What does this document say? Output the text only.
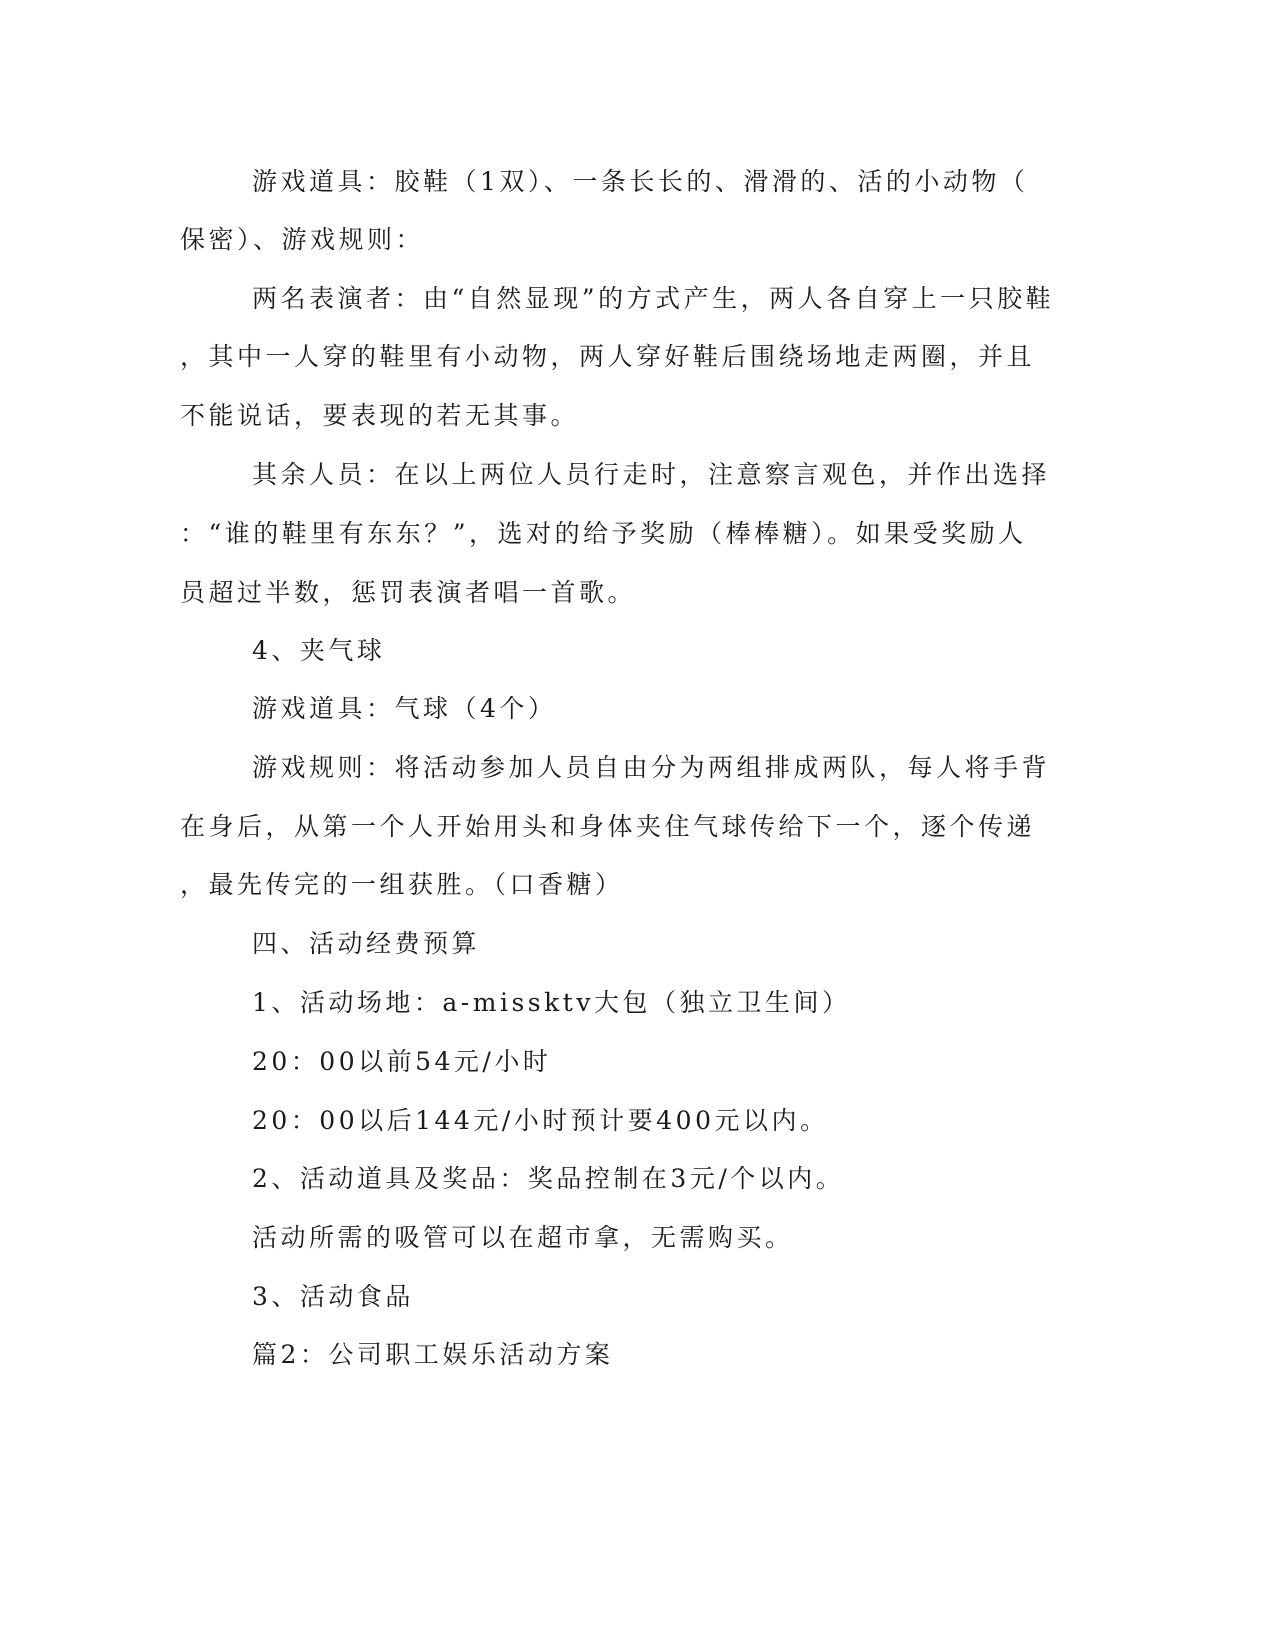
游戏道具：胶鞋（1双）、一条长长的、滑滑的、活的小动物（
保密）、游戏规则：
两名表演者：由“自然显现”的方式产生，两人各自穿上一只胶鞋
，其中一人穿的鞋里有小动物，两人穿好鞋后围绕场地走两圈，并且
不能说话，要表现的若无其事。
其余人员：在以上两位人员行走时，注意察言观色，并作出选择
：“谁的鞋里有东东？”，选对的给予奖励（棒棒糖）。如果受奖励人
员超过半数，惩罚表演者唱一首歌。
4、夹气球
游戏道具：气球（4个）
游戏规则：将活动参加人员自由分为两组排成两队，每人将手背
在身后，从第一个人开始用头和身体夹住气球传给下一个，逐个传递
，最先传完的一组获胜。（口香糖）
四、活动经费预算
1、活动场地：a-missktv大包（独立卫生间）
20：00以前54元/小时
20：00以后144元/小时预计要400元以内。
2、活动道具及奖品：奖品控制在3元/个以内。
活动所需的吸管可以在超市拿，无需购买。
3、活动食品
篇2：公司职工娱乐活动方案
